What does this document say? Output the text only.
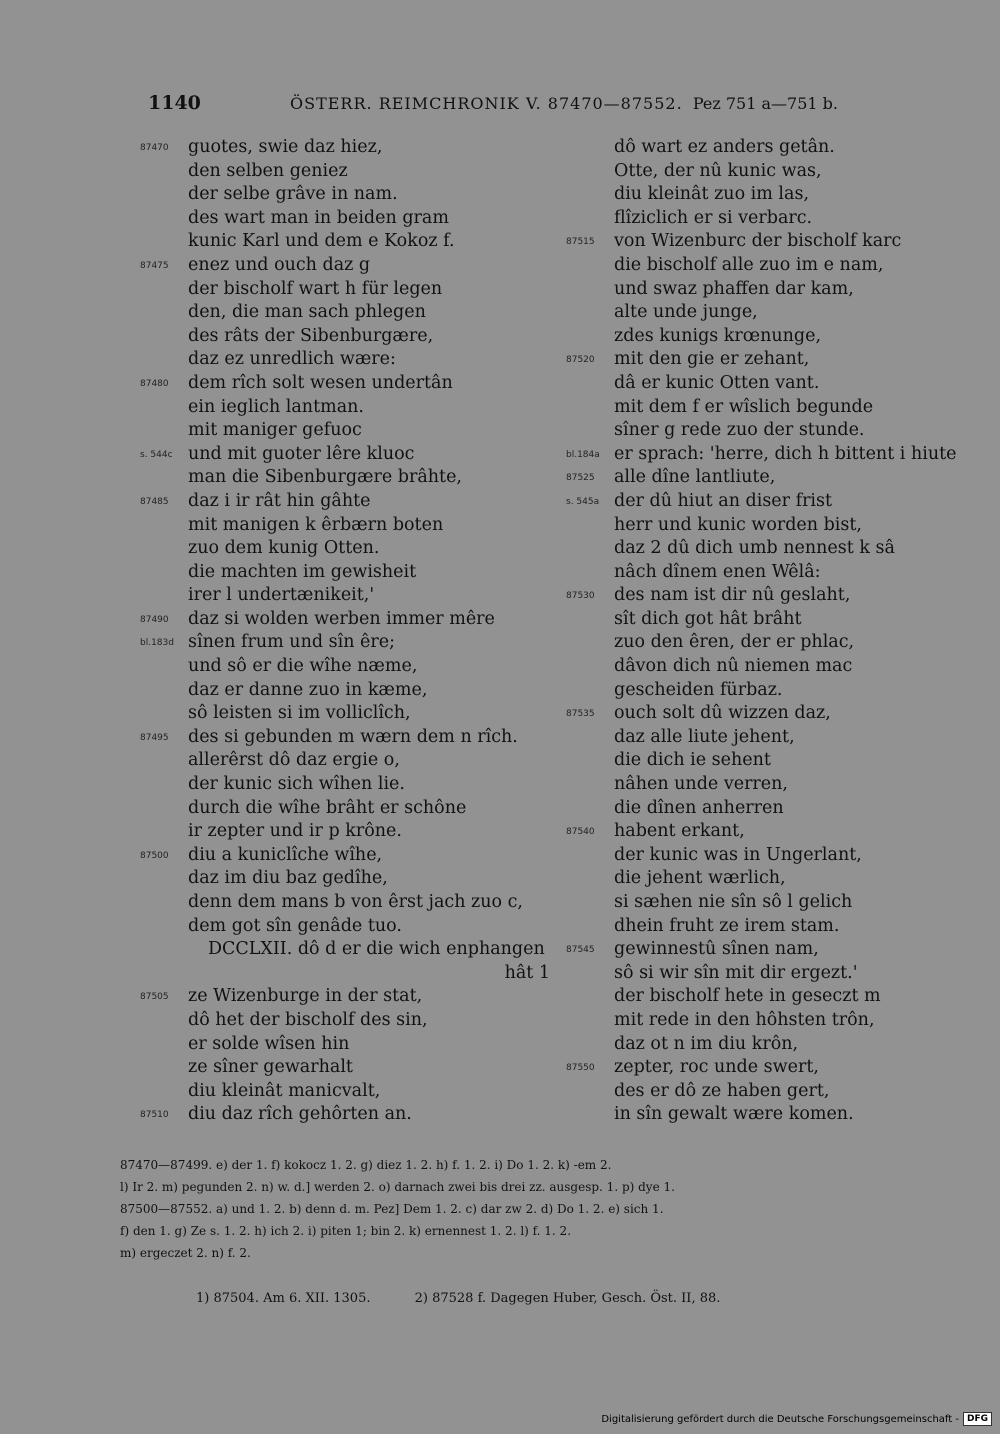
1140	ÖSTERR. REIMCHRONIK V. 87470—87552. Pez 751 a—751 b.
87470	guotes, swie daz hiez,
den selben geniez
der selbe grâve in nam.
des wart man in beiden gram
kunic Karl und dem e Kokoz f.
87475	enez und ouch daz g
der bischolf wart h für legen
den, die man sach phlegen
des râts der Sibenburgære,
daz ez unredlich wære:
87480	dem rîch solt wesen undertân
ein ieglich lantman.
mit maniger gefuoc
s. 544c und mit guoter lêre kluoc
man die Sibenburgære brâhte,
87485	daz i ir rât hin gâhte
mit manigen k êrbærn boten
zuo dem kunig Otten.
die machten im gewisheit
irer l undertænikeit,'
87490	daz si wolden werben immer mêre
bl.183d sînen frum und sîn êre;
und sô er die wîhe næme,
daz er danne zuo in kæme,
sô leisten si im volliclîch,
87495	des si gebunden m wærn dem n rîch.
allerêrst dô daz ergie o,
der kunic sich wîhen lie.
durch die wîhe brâht er schône
ir zepter und ir p krône.
87500	diu a kuniclîche wîhe,
daz im diu baz gedîhe,
denn dem mans b von êrst jach zuo c,
dem got sîn genâde tuo.
DCCLXII. dô d er die wich enphangen
hât 1
87505	ze Wizenburge in der stat,
dô het der bischolf des sin,
er solde wîsen hin
ze sîner gewarhalt
diu kleinât manicvalt,
87510	diu daz rîch gehôrten an.
dô wart ez anders getân.
Otte, der nû kunic was,
diu kleinât zuo im las,
flîziclich er si verbarc.
87515	von Wizenburc der bischolf karc
die bischolf alle zuo im e nam,
und swaz phaffen dar kam,
alte unde junge,
zdes kunigs krœnunge,
87520	mit den gie er zehant,
dâ er kunic Otten vant.
mit dem f er wîslich begunde
sîner g rede zuo der stunde.
bl.184a er sprach: 'herre, dich h bittent i hiute
87525	alle dîne lantliute,
s. 545a der dû hiut an diser frist
herr und kunic worden bist,
daz 2 dû dich umb nennest k sâ
nâch dînem enen Wêlâ:
87530	des nam ist dir nû geslaht,
sît dich got hât brâht
zuo den êren, der er phlac,
dâvon dich nû niemen mac
gescheiden fürbaz.
87535	ouch solt dû wizzen daz,
daz alle liute jehent,
die dich ie sehent
nâhen unde verren,
die dînen anherren
87540	habent erkant,
der kunic was in Ungerlant,
die jehent wærlich,
si sæhen nie sîn sô l gelich
dhein fruht ze irem stam.
87545	gewinnestû sînen nam,
sô si wir sîn mit dir ergezt.'
der bischolf hete in geseczt m
mit rede in den hôhsten trôn,
daz ot n im diu krôn,
87550	zepter, roc unde swert,
des er dô ze haben gert,
in sîn gewalt wære komen.
87470—87499. e) der 1. f) kokocz 1. 2. g) diez 1. 2. h) f. 1. 2. i) Do 1. 2. k) -em 2.
l) Ir 2. m) pegunden 2. n) w. d.] werden 2. o) darnach zwei bis drei zz. ausgesp. 1. p) dye 1.
87500—87552. a) und 1. 2. b) denn d. m. Pez] Dem 1. 2. c) dar zw 2. d) Do 1. 2. e) sich 1.
f) den 1. g) Ze s. 1. 2. h) ich 2. i) piten 1; bin 2. k) ernennest 1. 2. l) f. 1. 2.
m) ergeczet 2. n) f. 2.
1) 87504. Am 6. XII. 1305.	2) 87528 f. Dagegen Huber, Gesch. Öst. II, 88.
Digitalisierung gefördert durch die Deutsche Forschungsgemeinschaft - DFG
